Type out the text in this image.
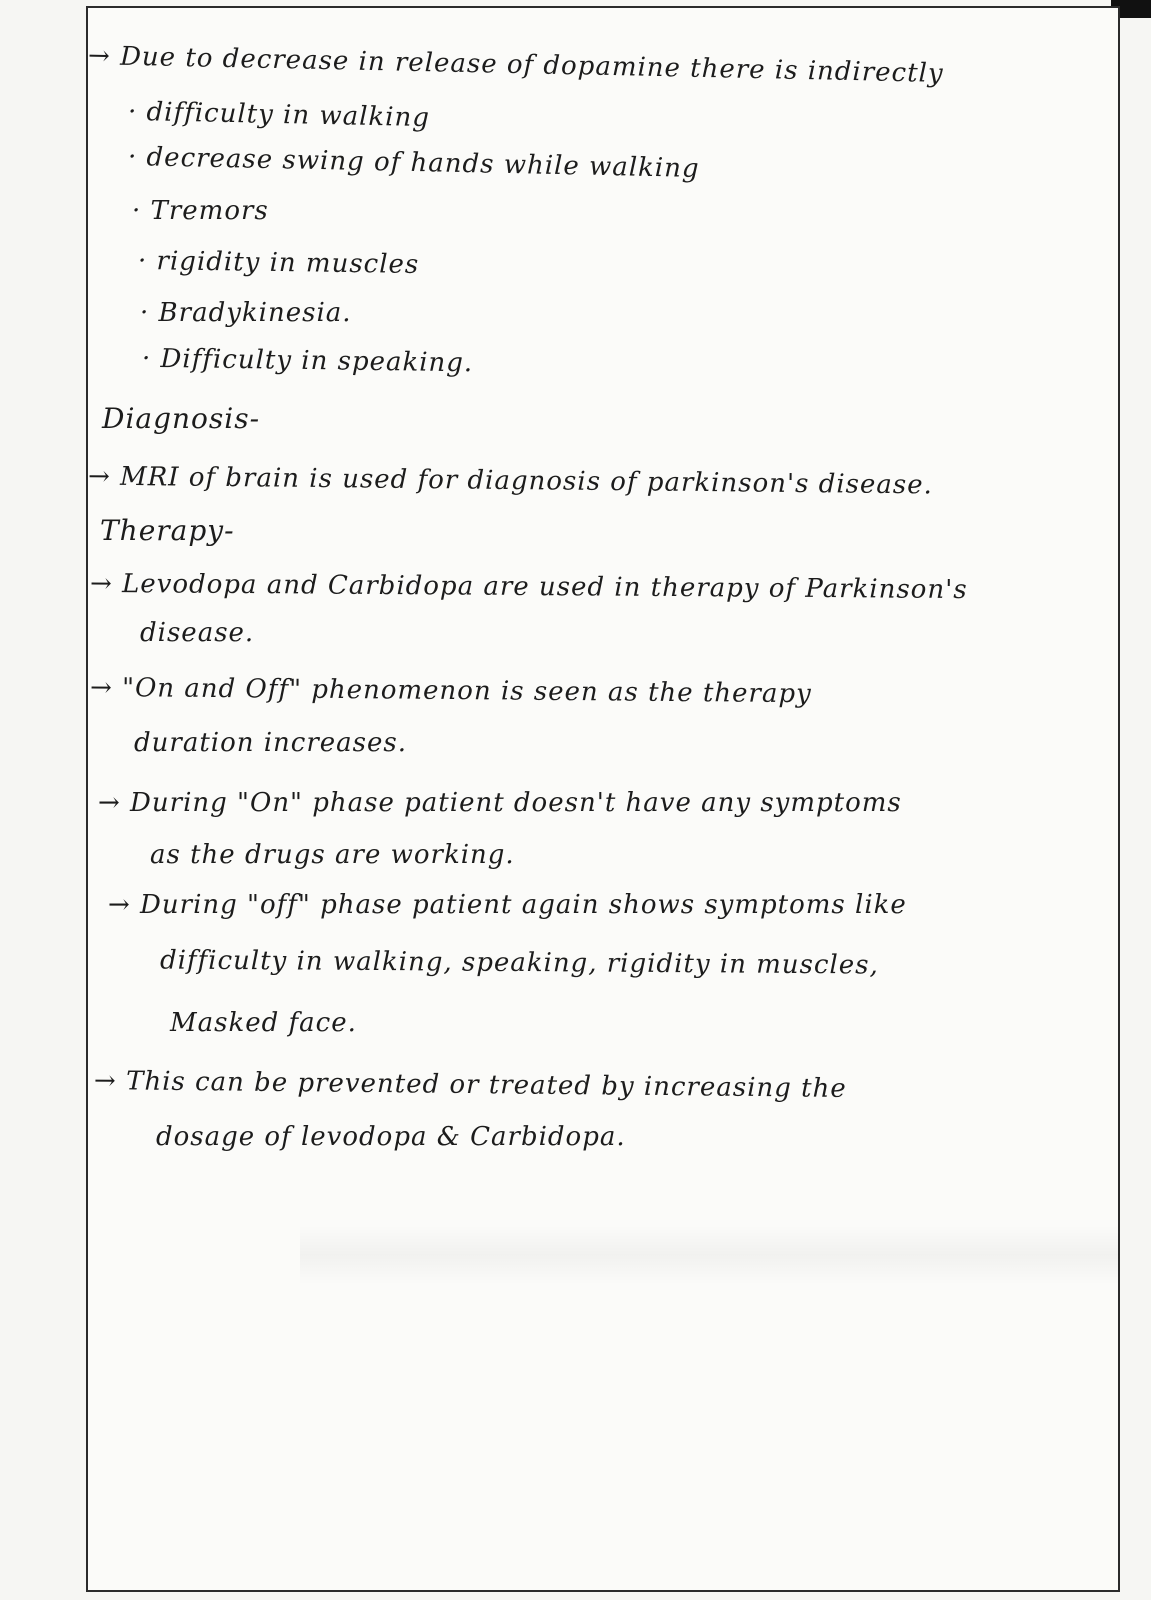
→ Due to decrease in release of dopamine there is indirectly
· difficulty in walking
· decrease swing of hands while walking
· Tremors
· rigidity in muscles
· Bradykinesia.
· Difficulty in speaking.
Diagnosis-
→ MRI of brain is used for diagnosis of parkinson's disease.
Therapy-
→ Levodopa and Carbidopa are used in therapy of Parkinson's
disease.
→ "On and Off" phenomenon is seen as the therapy
duration increases.
→ During "On" phase patient doesn't have any symptoms
as the drugs are working.
→ During "off" phase patient again shows symptoms like
difficulty in walking, speaking, rigidity in muscles,
Masked face.
→ This can be prevented or treated by increasing the
dosage of levodopa & Carbidopa.
